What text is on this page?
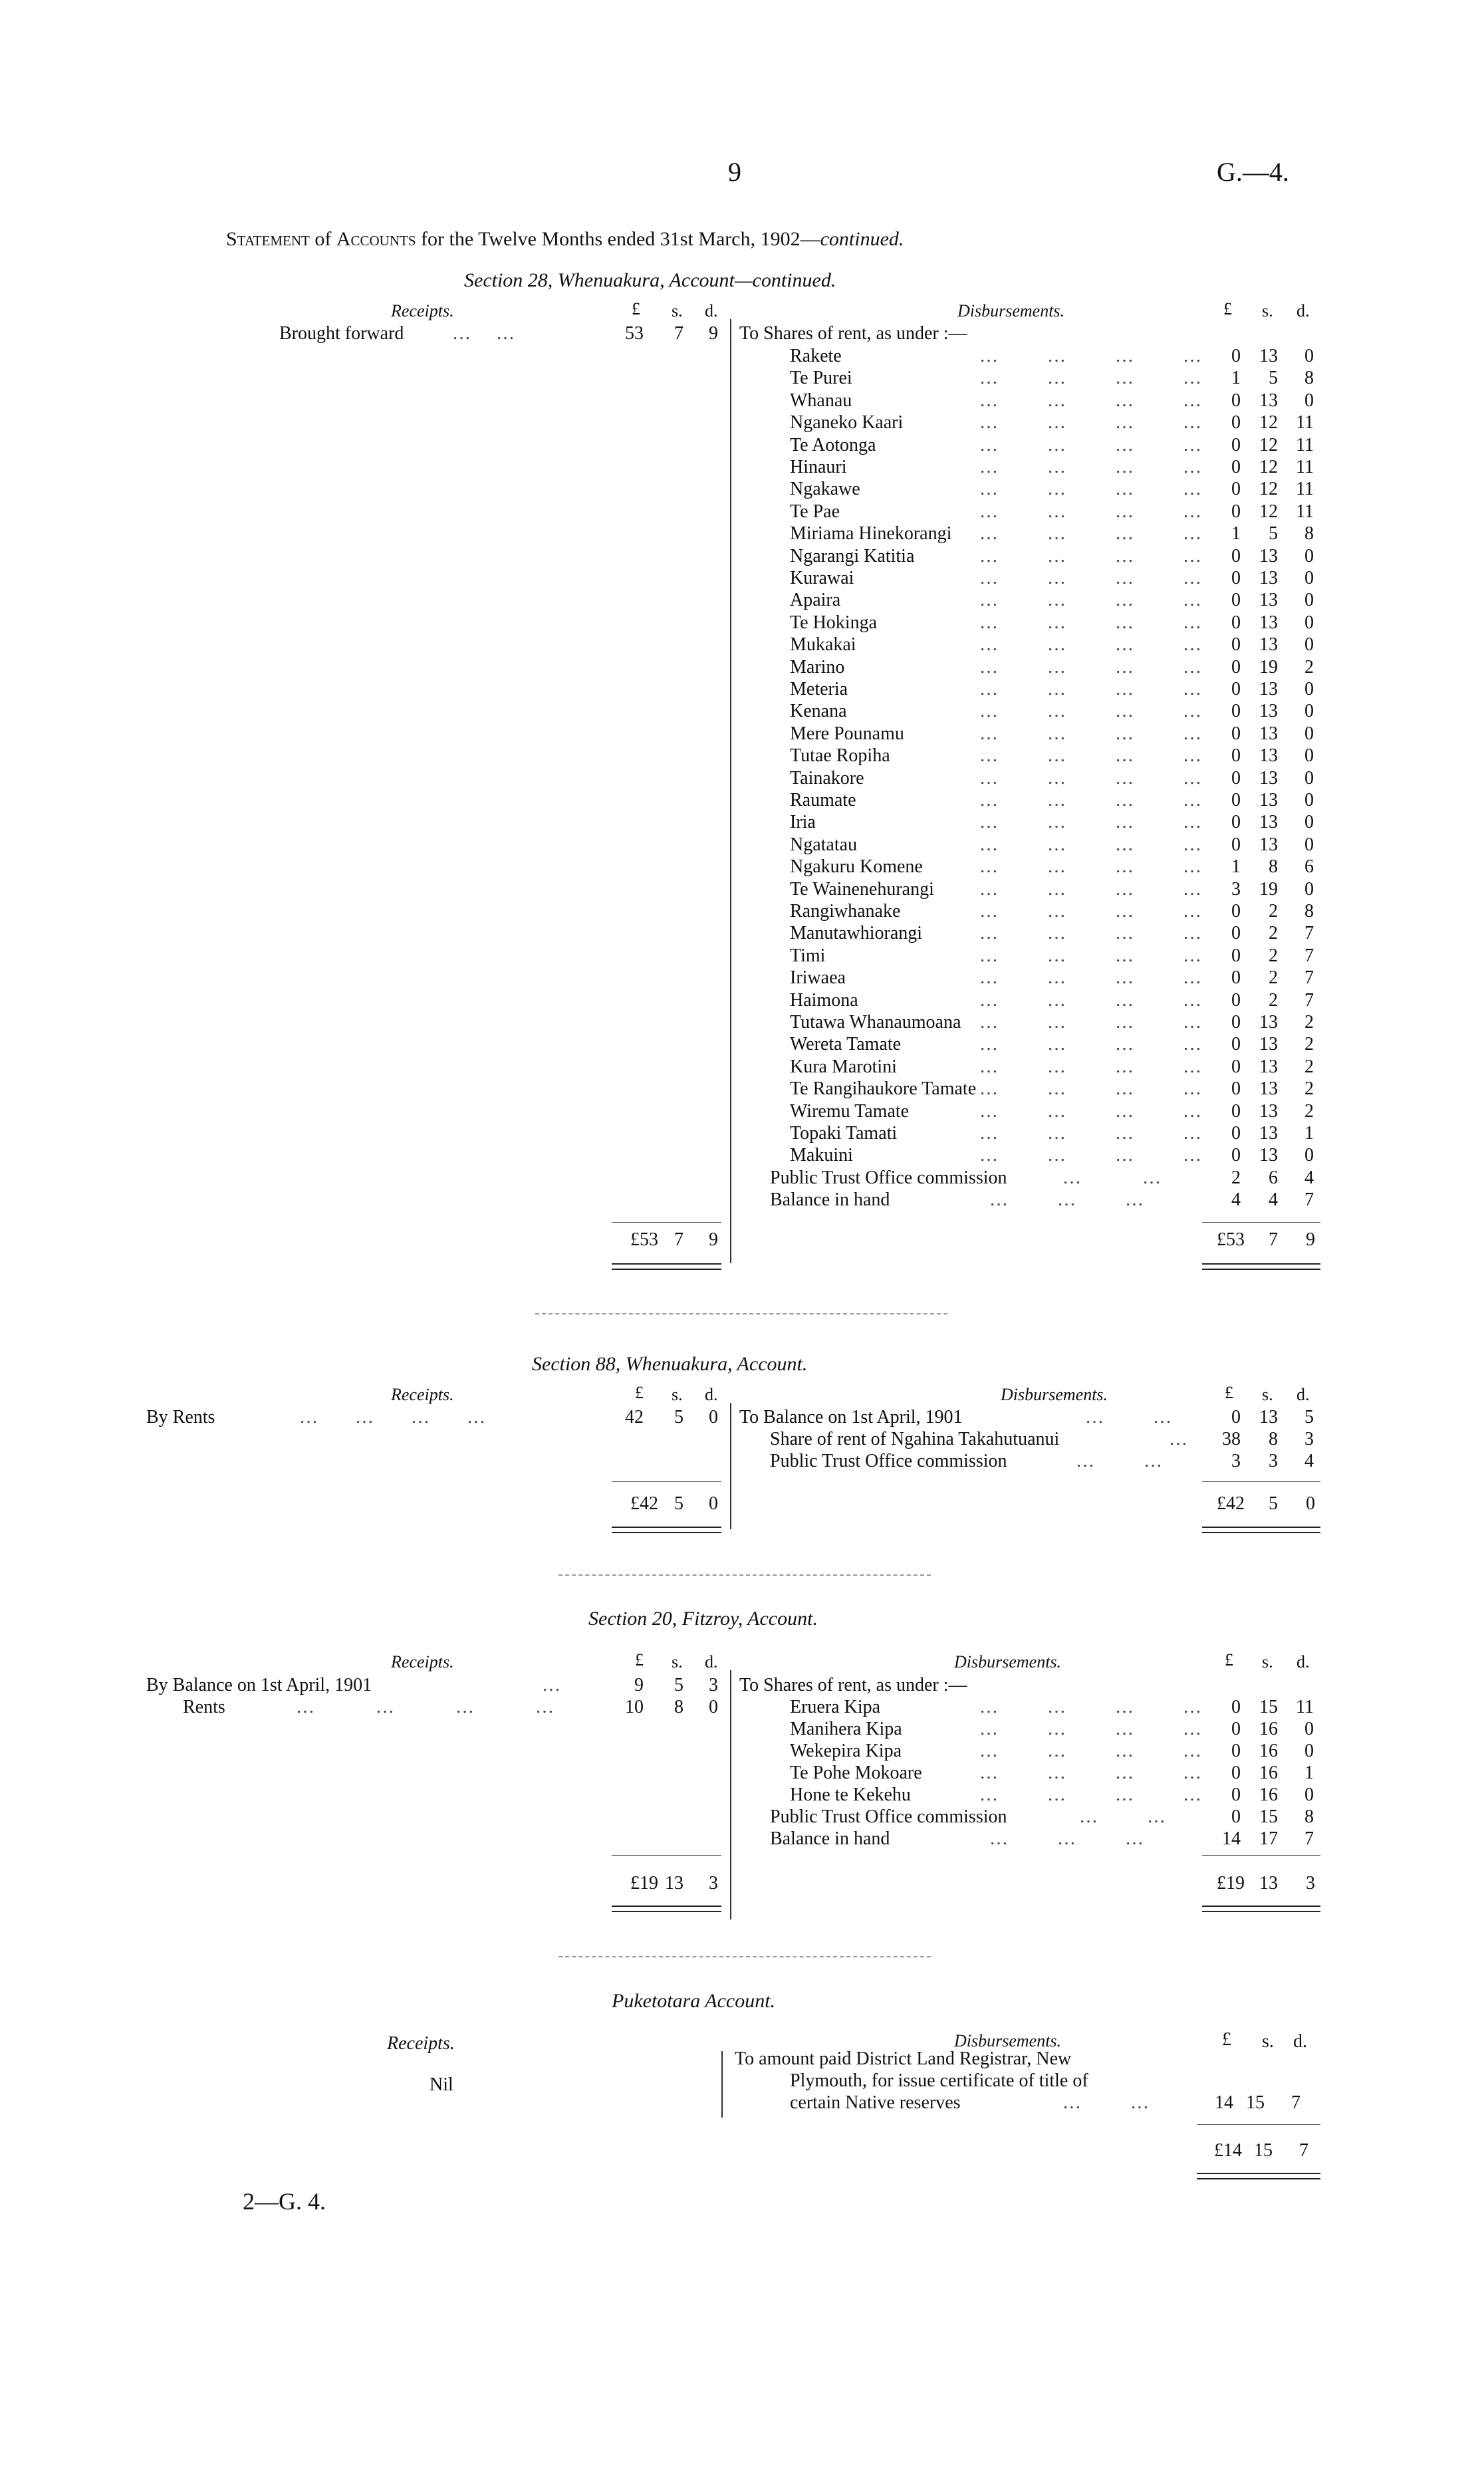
9	G.—4.
Statement of Accounts for the Twelve Months ended 31st March, 1902—continued.
Section 28, Whenuakura, Account—continued.
Receipts.	£ s. d.	Disbursements.	£ s. d.
Brought forward	…    …	53	7	9 To Shares of rent, as under :—
Rakete	…        …        …        …	0	13	0
Te Purei	…        …        …        …	1	5	8
Whanau	…        …        …        …	0	13	0
Nganeko Kaari	…        …        …        …	0	12 11
Te Aotonga	…        …        …        …	0	12 11
Hinauri	…        …        …        …	0	12 11
Ngakawe	…        …        …        …	0	12 11
Te Pae	…        …        …        …	0	12 11
Miriama Hinekorangi …        …        …        …	1	5	8
Ngarangi Katitia	…        …        …        …	0	13	0
Kurawai	…        …        …        …	0	13	0
Apaira	…        …        …        …	0	13	0
Te Hokinga	…        …        …        …	0	13	0
Mukakai	…        …        …        …	0	13	0
Marino	…        …        …        …	0	19	2
Meteria	…        …        …        …	0	13	0
Kenana	…        …        …        …	0	13	0
Mere Pounamu	…        …        …        …	0	13	0
Tutae Ropiha	…        …        …        …	0	13	0
Tainakore	…        …        …        …	0	13	0
Raumate	…        …        …        …	0	13	0
Iria	…        …        …        …	0	13	0
Ngatatau	…        …        …        …	0	13	0
Ngakuru Komene	…        …        …        …	1	8	6
Te Wainenehurangi …        …        …        …	3	19	0
Rangiwhanake	…        …        …        …	0	2	8
Manutawhiorangi	…        …        …        …	0	2	7
Timi	…        …        …        …	0	2	7
Iriwaea	…        …        …        …	0	2	7
Haimona	…        …        …        …	0	2	7
Tutawa Whanaumoana …        …        …        …	0	13	2
Wereta Tamate	…        …        …        …	0	13	2
Kura Marotini	…        …        …        …	0	13	2
Te Rangihaukore Tamate …        …        …        …	0	13	2
Wiremu Tamate	…        …        …        …	0	13	2
Topaki Tamati	…        …        …        …	0	13	1
Makuini	…        …        …        …	0	13	0
Public Trust Office commission	…          …	2	6	4
Balance in hand	…        …        …	4	4	7
£53 7	9	£53	7	9
Section 88, Whenuakura, Account.
Receipts.	£ s. d.	Disbursements.	£ s. d.
By Rents	…      …      …      …	42	5	0 To Balance on 1st April, 1901	…        …	0	13	5
Share of rent of Ngahina Takahutuanui	…	38	8	3
Public Trust Office commission	…        …	3	3	4
£42 5	0	£42	5	0
Section 20, Fitzroy, Account.
Receipts.	£ s. d.	Disbursements.	£ s. d.
By Balance on 1st April, 1901	…	9	5	3
Rents	…          …          …          …	10	8	0
To Shares of rent, as under :—
Eruera Kipa	…        …        …        …	0	15 11
Manihera Kipa	…        …        …        …	0	16	0
Wekepira Kipa	…        …        …        …	0	16	0
Te Pohe Mokoare	…        …        …        …	0	16	1
Hone te Kekehu	…        …        …        …	0	16	0
Public Trust Office commission	…        …	0	15	8
Balance in hand	…        …        …	14	17	7
£19 13	3	£19 13	3
Puketotara Account.
Receipts.
Nil
Disbursements.	£ s. d.
To amount paid District Land Registrar, New
Plymouth, for issue certificate of title of
certain Native reserves	…        …	14 15	7
£14 15	7
2—G. 4.
